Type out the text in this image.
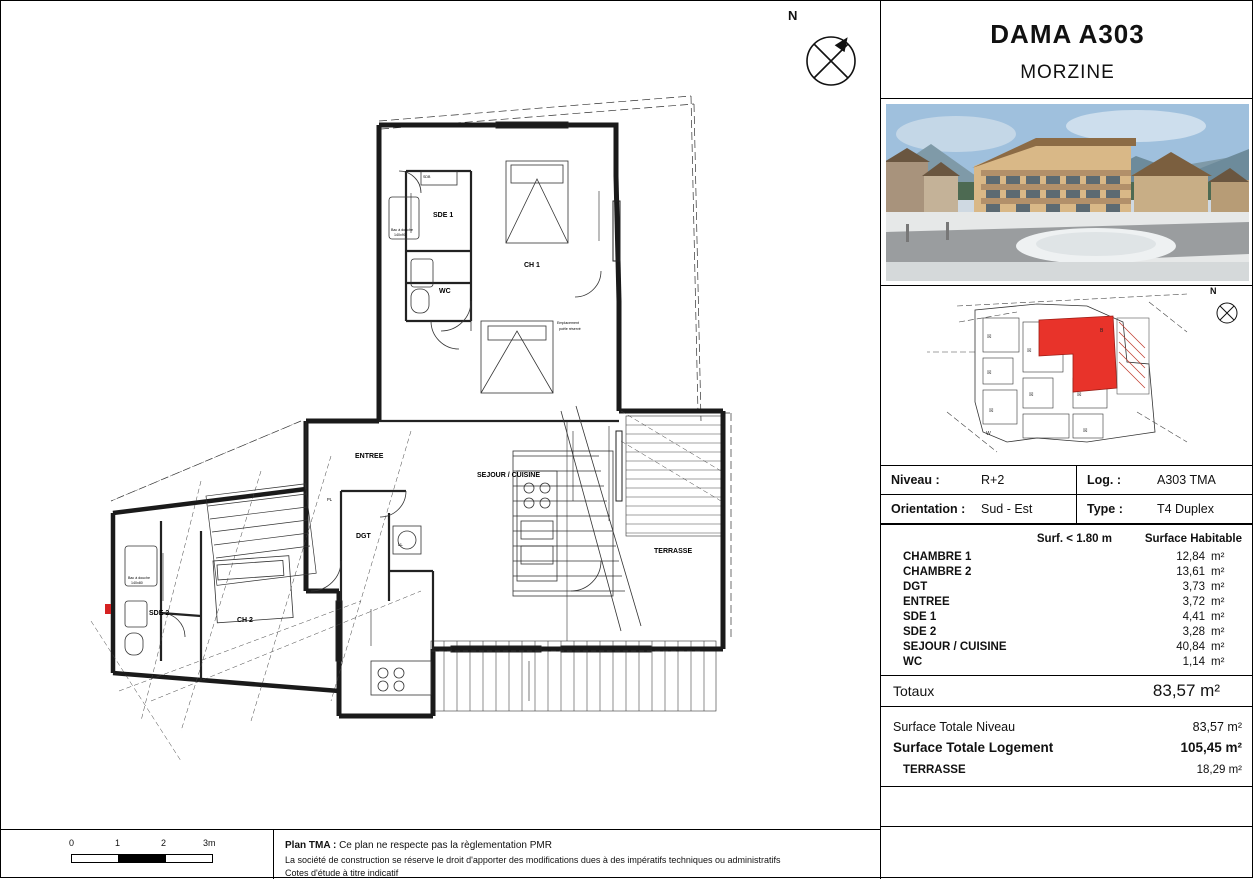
SDE 1
WC
CH 1
ENTREE
SEJOUR / CUISINE
DGT
CH 2
SDE 2
TERRASSE
LL
PL
Emplacement
poêle réservé
Bac à douche
140x90
Bac à douche
140x80
SDB
N
0	1	2	3m	Plan TMA : Ce plan ne respecte pas la règlementation PMR
La société de construction se réserve le droit d'apporter des modifications dues à des impératifs techniques ou administratifs
Cotes d'étude à titre indicatif
DAMA A303
MORZINE
☒
☒
☒
☒
☒	☒
☒
W
B
N
Niveau :	R+2	Log. :	A303 TMA
Orientation :	Sud - Est	Type :	T4 Duplex
Surf. < 1.80 m	Surface Habitable
CHAMBRE 1	12,84 m²
CHAMBRE 2	13,61 m²
DGT	3,73 m²
ENTREE	3,72 m²
SDE 1	4,41 m²
SDE 2	3,28 m²
SEJOUR / CUISINE	40,84 m²
WC	1,14 m²
Totaux	83,57 m²
Surface Totale Niveau	83,57 m²
Surface Totale Logement	105,45 m²
TERRASSE	18,29 m²
